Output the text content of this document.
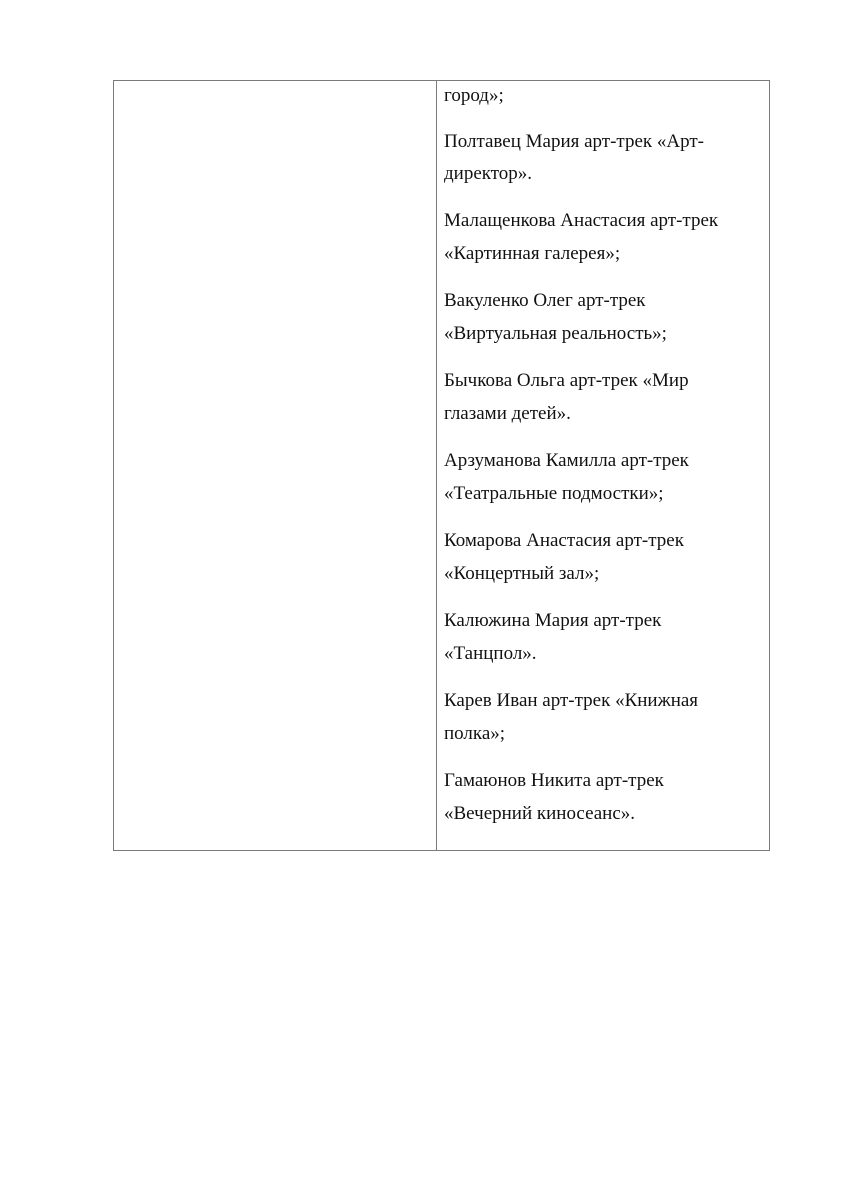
город»;
Полтавец Мария арт-трек «Арт-
директор».
Малащенкова Анастасия арт-трек
«Картинная галерея»;
Вакуленко Олег арт-трек
«Виртуальная реальность»;
Бычкова Ольга арт-трек «Мир
глазами детей».
Арзуманова Камилла арт-трек
«Театральные подмостки»;
Комарова Анастасия арт-трек
«Концертный зал»;
Калюжина Мария арт-трек
«Танцпол».
Карев Иван арт-трек «Книжная
полка»;
Гамаюнов Никита арт-трек
«Вечерний киносеанс».
